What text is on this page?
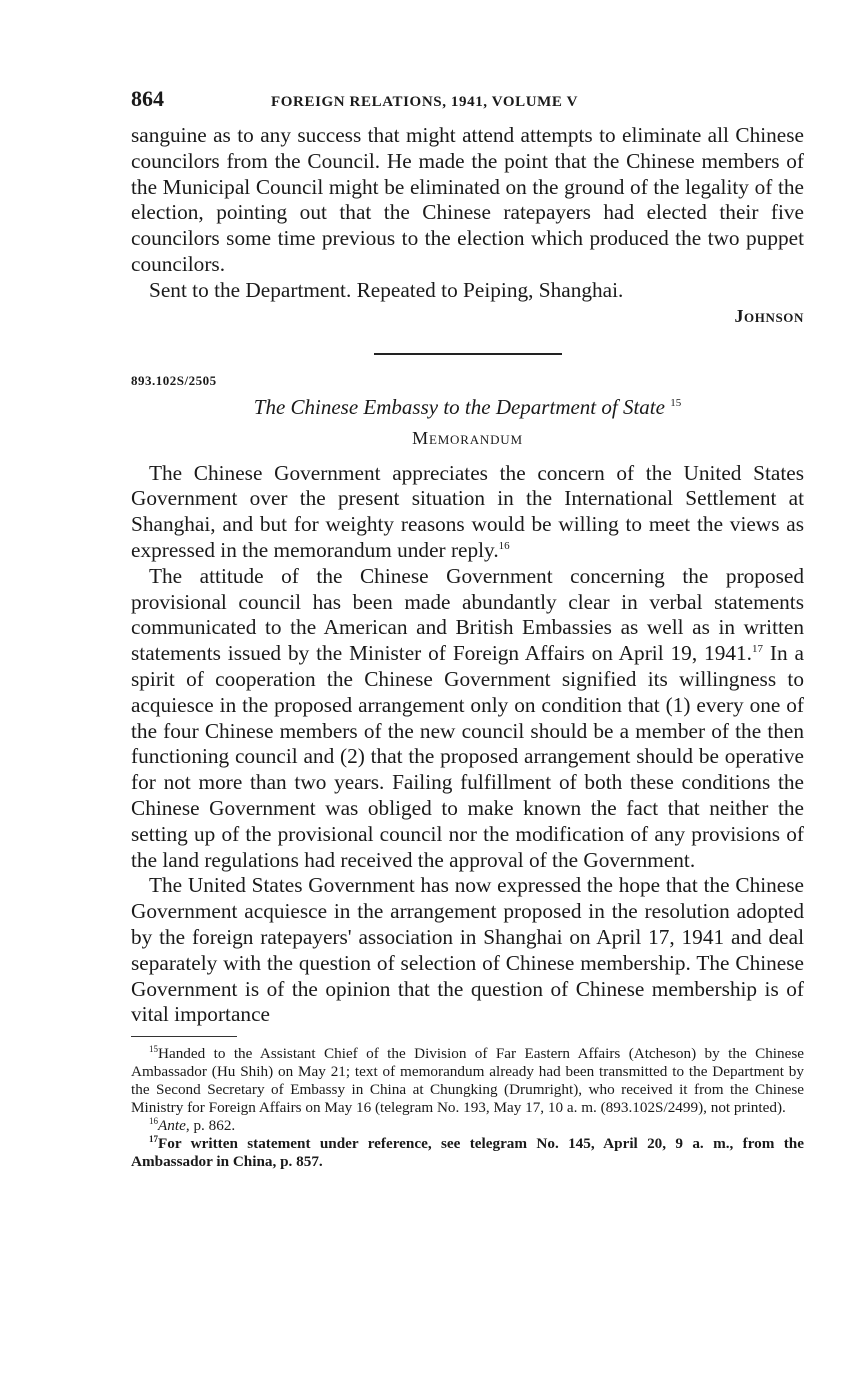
864	FOREIGN RELATIONS, 1941, VOLUME V

sanguine as to any success that might attend attempts to eliminate all Chinese councilors from the Council. He made the point that the Chinese members of the Municipal Council might be eliminated on the ground of the legality of the election, pointing out that the Chinese ratepayers had elected their five councilors some time previous to the election which produced the two puppet councilors.

Sent to the Department. Repeated to Peiping, Shanghai.

Johnson
893.102S/2505
The Chinese Embassy to the Department of State $^{15}$
Memorandum

The Chinese Government appreciates the concern of the United States Government over the present situation in the International Settlement at Shanghai, and but for weighty reasons would be willing to meet the views as expressed in the memorandum under reply.$^{16}$

The attitude of the Chinese Government concerning the proposed provisional council has been made abundantly clear in verbal statements communicated to the American and British Embassies as well as in written statements issued by the Minister of Foreign Affairs on April 19, 1941.17 In a spirit of cooperation the Chinese Government signified its willingness to acquiesce in the proposed arrangement only on condition that (1) every one of the four Chinese members of the new council should be a member of the then functioning council and (2) that the proposed arrangement should be operative for not more than two years. Failing fulfillment of both these conditions the Chinese Government was obliged to make known the fact that neither the setting up of the provisional council nor the modification of any provisions of the land regulations had received the approval of the Government.

The United States Government has now expressed the hope that the Chinese Government acquiesce in the arrangement proposed in the resolution adopted by the foreign ratepayers' association in Shanghai on April 17, 1941 and deal separately with the question of selection of Chinese membership. The Chinese Government is of the opinion that the question of Chinese membership is of vital importance

$^{15}$Handed to the Assistant Chief of the Division of Far Eastern Affairs (Atcheson) by the Chinese Ambassador (Hu Shih) on May 21; text of memorandum already had been transmitted to the Department by the Second Secretary of Embassy in China at Chungking (Drumright), who received it from the Chinese Ministry for Foreign Affairs on May 16 (telegram No. 193, May 17, 10 a. m. (893.102S/2499), not printed).

$^{16}$Ante, p. 862.

$^{17}$For written statement under reference, see telegram No. 145, April 20, 9 a. m., from the Ambassador in China, p. 857.
